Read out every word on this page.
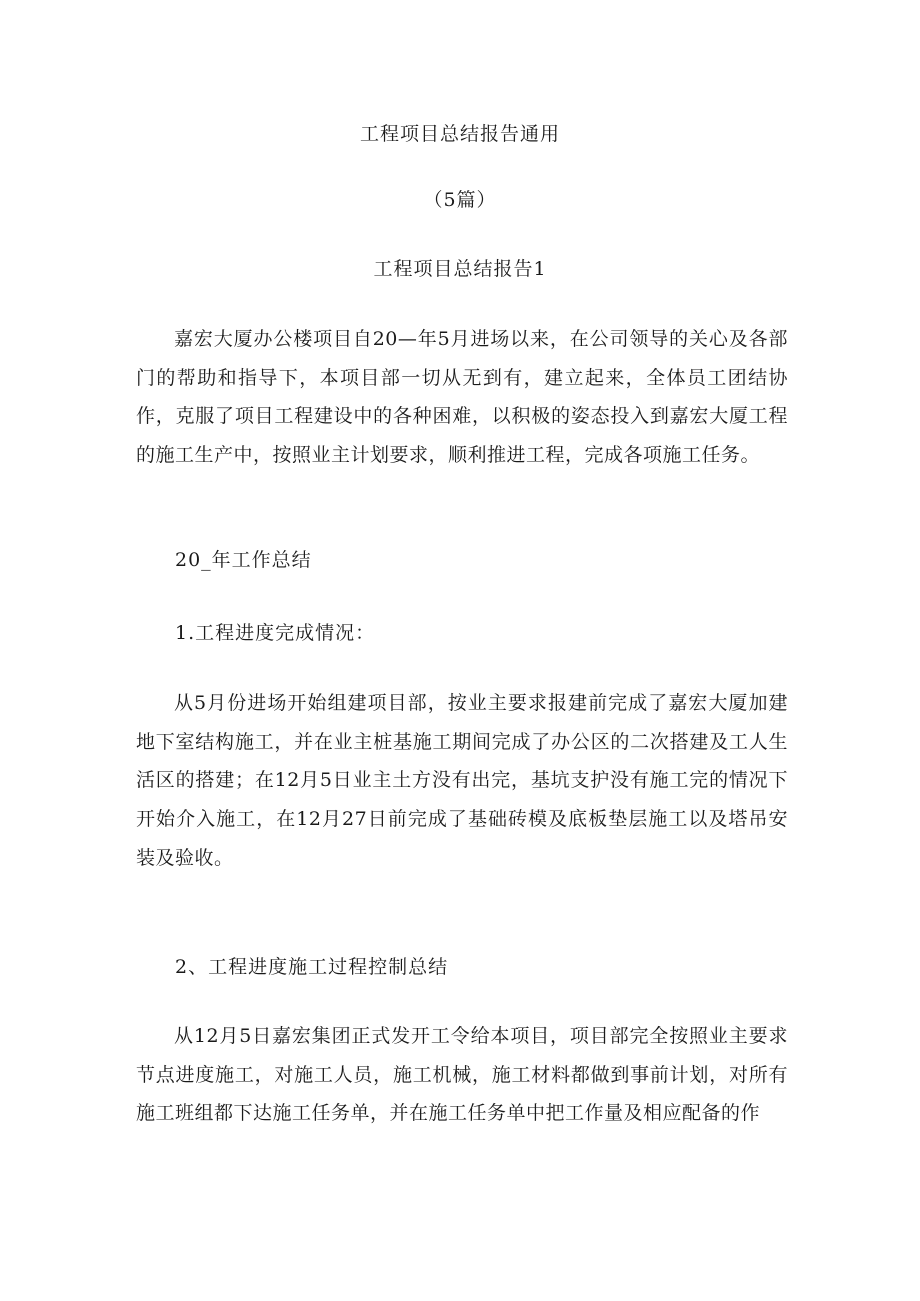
工程项目总结报告通用
（5篇）
工程项目总结报告1
嘉宏大厦办公楼项目自20—年5月进场以来，在公司领导的关心及各部门的帮助和指导下，本项目部一切从无到有，建立起来，全体员工团结协作，克服了项目工程建设中的各种困难，以积极的姿态投入到嘉宏大厦工程的施工生产中，按照业主计划要求，顺利推进工程，完成各项施工任务。
20_年工作总结
1.工程进度完成情况：
从5月份进场开始组建项目部，按业主要求报建前完成了嘉宏大厦加建地下室结构施工，并在业主桩基施工期间完成了办公区的二次搭建及工人生活区的搭建；在12月5日业主土方没有出完，基坑支护没有施工完的情况下开始介入施工，在12月27日前完成了基础砖模及底板垫层施工以及塔吊安装及验收。
2、工程进度施工过程控制总结
从12月5日嘉宏集团正式发开工令给本项目，项目部完全按照业主要求节点进度施工，对施工人员，施工机械，施工材料都做到事前计划，对所有施工班组都下达施工任务单，并在施工任务单中把工作量及相应配备的作
